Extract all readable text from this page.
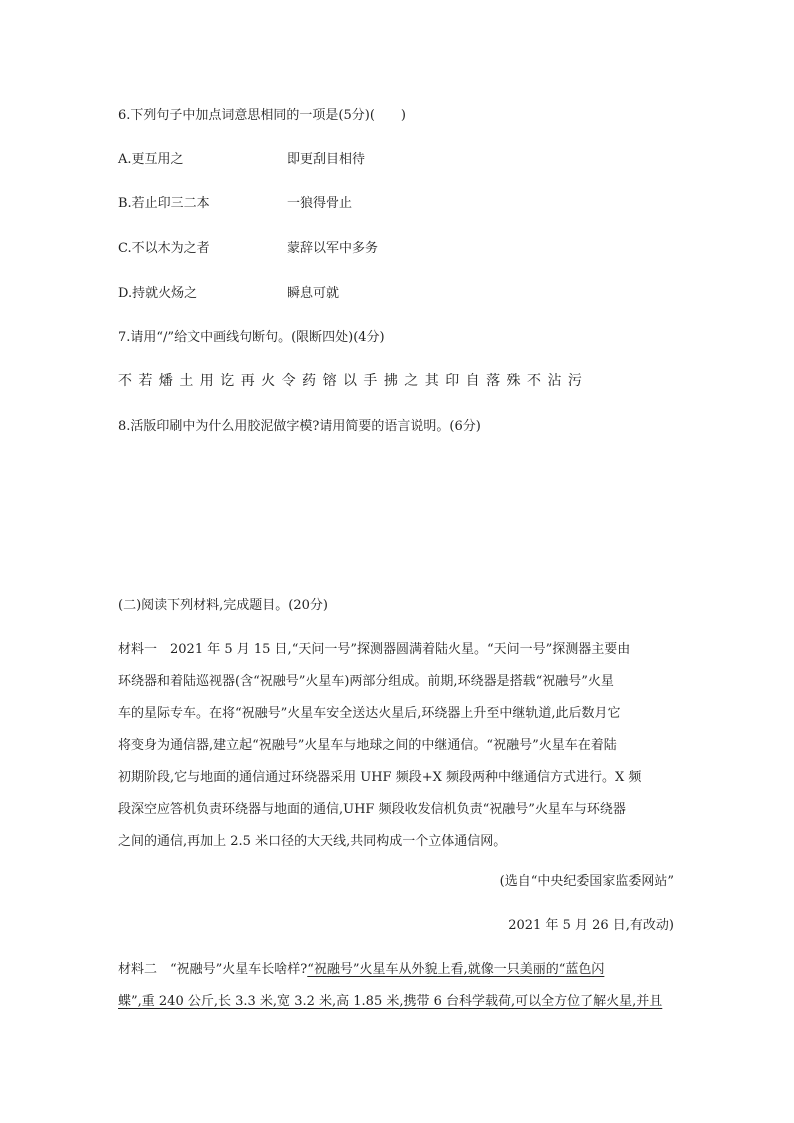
6.下列句子中加点词意思相同的一项是(5分)(　　)
A.更互用之	即更刮目相待
B.若止印三二本	一狼得骨止
C.不以木为之者	蒙辞以军中多务
D.持就火炀之	瞬息可就
7.请用“/”给文中画线句断句。(限断四处)(4分)
不 若 燔 土 用 讫 再 火 令 药 镕 以 手 拂 之 其 印 自 落 殊 不 沾 污
8.活版印刷中为什么用胶泥做字模?请用简要的语言说明。(6分)
(二)阅读下列材料,完成题目。(20分)

材料一　2021 年 5 月 15 日,“天问一号”探测器圆满着陆火星。“天问一号”探测器主要由

环绕器和着陆巡视器(含“祝融号”火星车)两部分组成。前期,环绕器是搭载“祝融号”火星

车的星际专车。在将“祝融号”火星车安全送达火星后,环绕器上升至中继轨道,此后数月它

将变身为通信器,建立起“祝融号”火星车与地球之间的中继通信。“祝融号”火星车在着陆

初期阶段,它与地面的通信通过环绕器采用 UHF 频段+X 频段两种中继通信方式进行。X 频

段深空应答机负责环绕器与地面的通信,UHF 频段收发信机负责“祝融号”火星车与环绕器

之间的通信,再加上 2.5 米口径的大天线,共同构成一个立体通信网。

(选自“中央纪委国家监委网站”
2021 年 5 月 26 日,有改动)
材料二　“祝融号”火星车长啥样?“祝融号”火星车从外貌上看,就像一只美丽的“蓝色闪
蝶”,重 240 公斤,长 3.3 米,宽 3.2 米,高 1.85 米,携带 6 台科学载荷,可以全方位了解火星,并且
